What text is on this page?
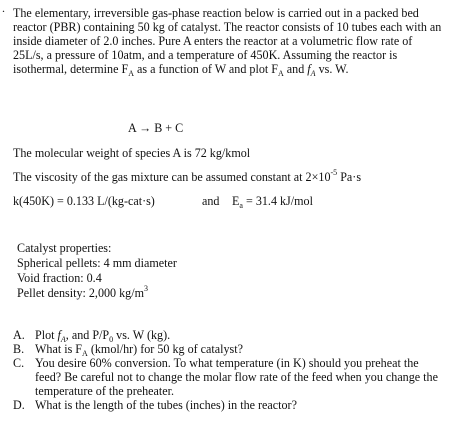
. The elementary, irreversible gas-phase reaction below is carried out in a packed bed
reactor (PBR) containing 50 kg of catalyst. The reactor consists of 10 tubes each with an
inside diameter of 2.0 inches. Pure A enters the reactor at a volumetric flow rate of
25L/s, a pressure of 10atm, and a temperature of 450K. Assuming the reactor is
isothermal, determine $F_A$ as a function of W and plot $F_A$ and $f_A$ vs. W.
A → B + C
The molecular weight of species A is 72 kg/kmol
The viscosity of the gas mixture can be assumed constant at $2\times 10^{-5}$ Pa·s
k(450K) = 0.133 L/(kg-cat·s)	and $E_a = 31.4$ kJ/mol
Catalyst properties:
Spherical pellets: 4 mm diameter
Void fraction: 0.4
Pellet density: 2,000 $kg/m^3$
A. Plot $f_A$, and $P/P_0$ vs. W (kg).
B. What is $F_A$ (kmol/hr) for 50 kg of catalyst?
C. You desire 60% conversion. To what temperature (in K) should you preheat the
feed? Be careful not to change the molar flow rate of the feed when you change the
temperature of the preheater.
D. What is the length of the tubes (inches) in the reactor?
